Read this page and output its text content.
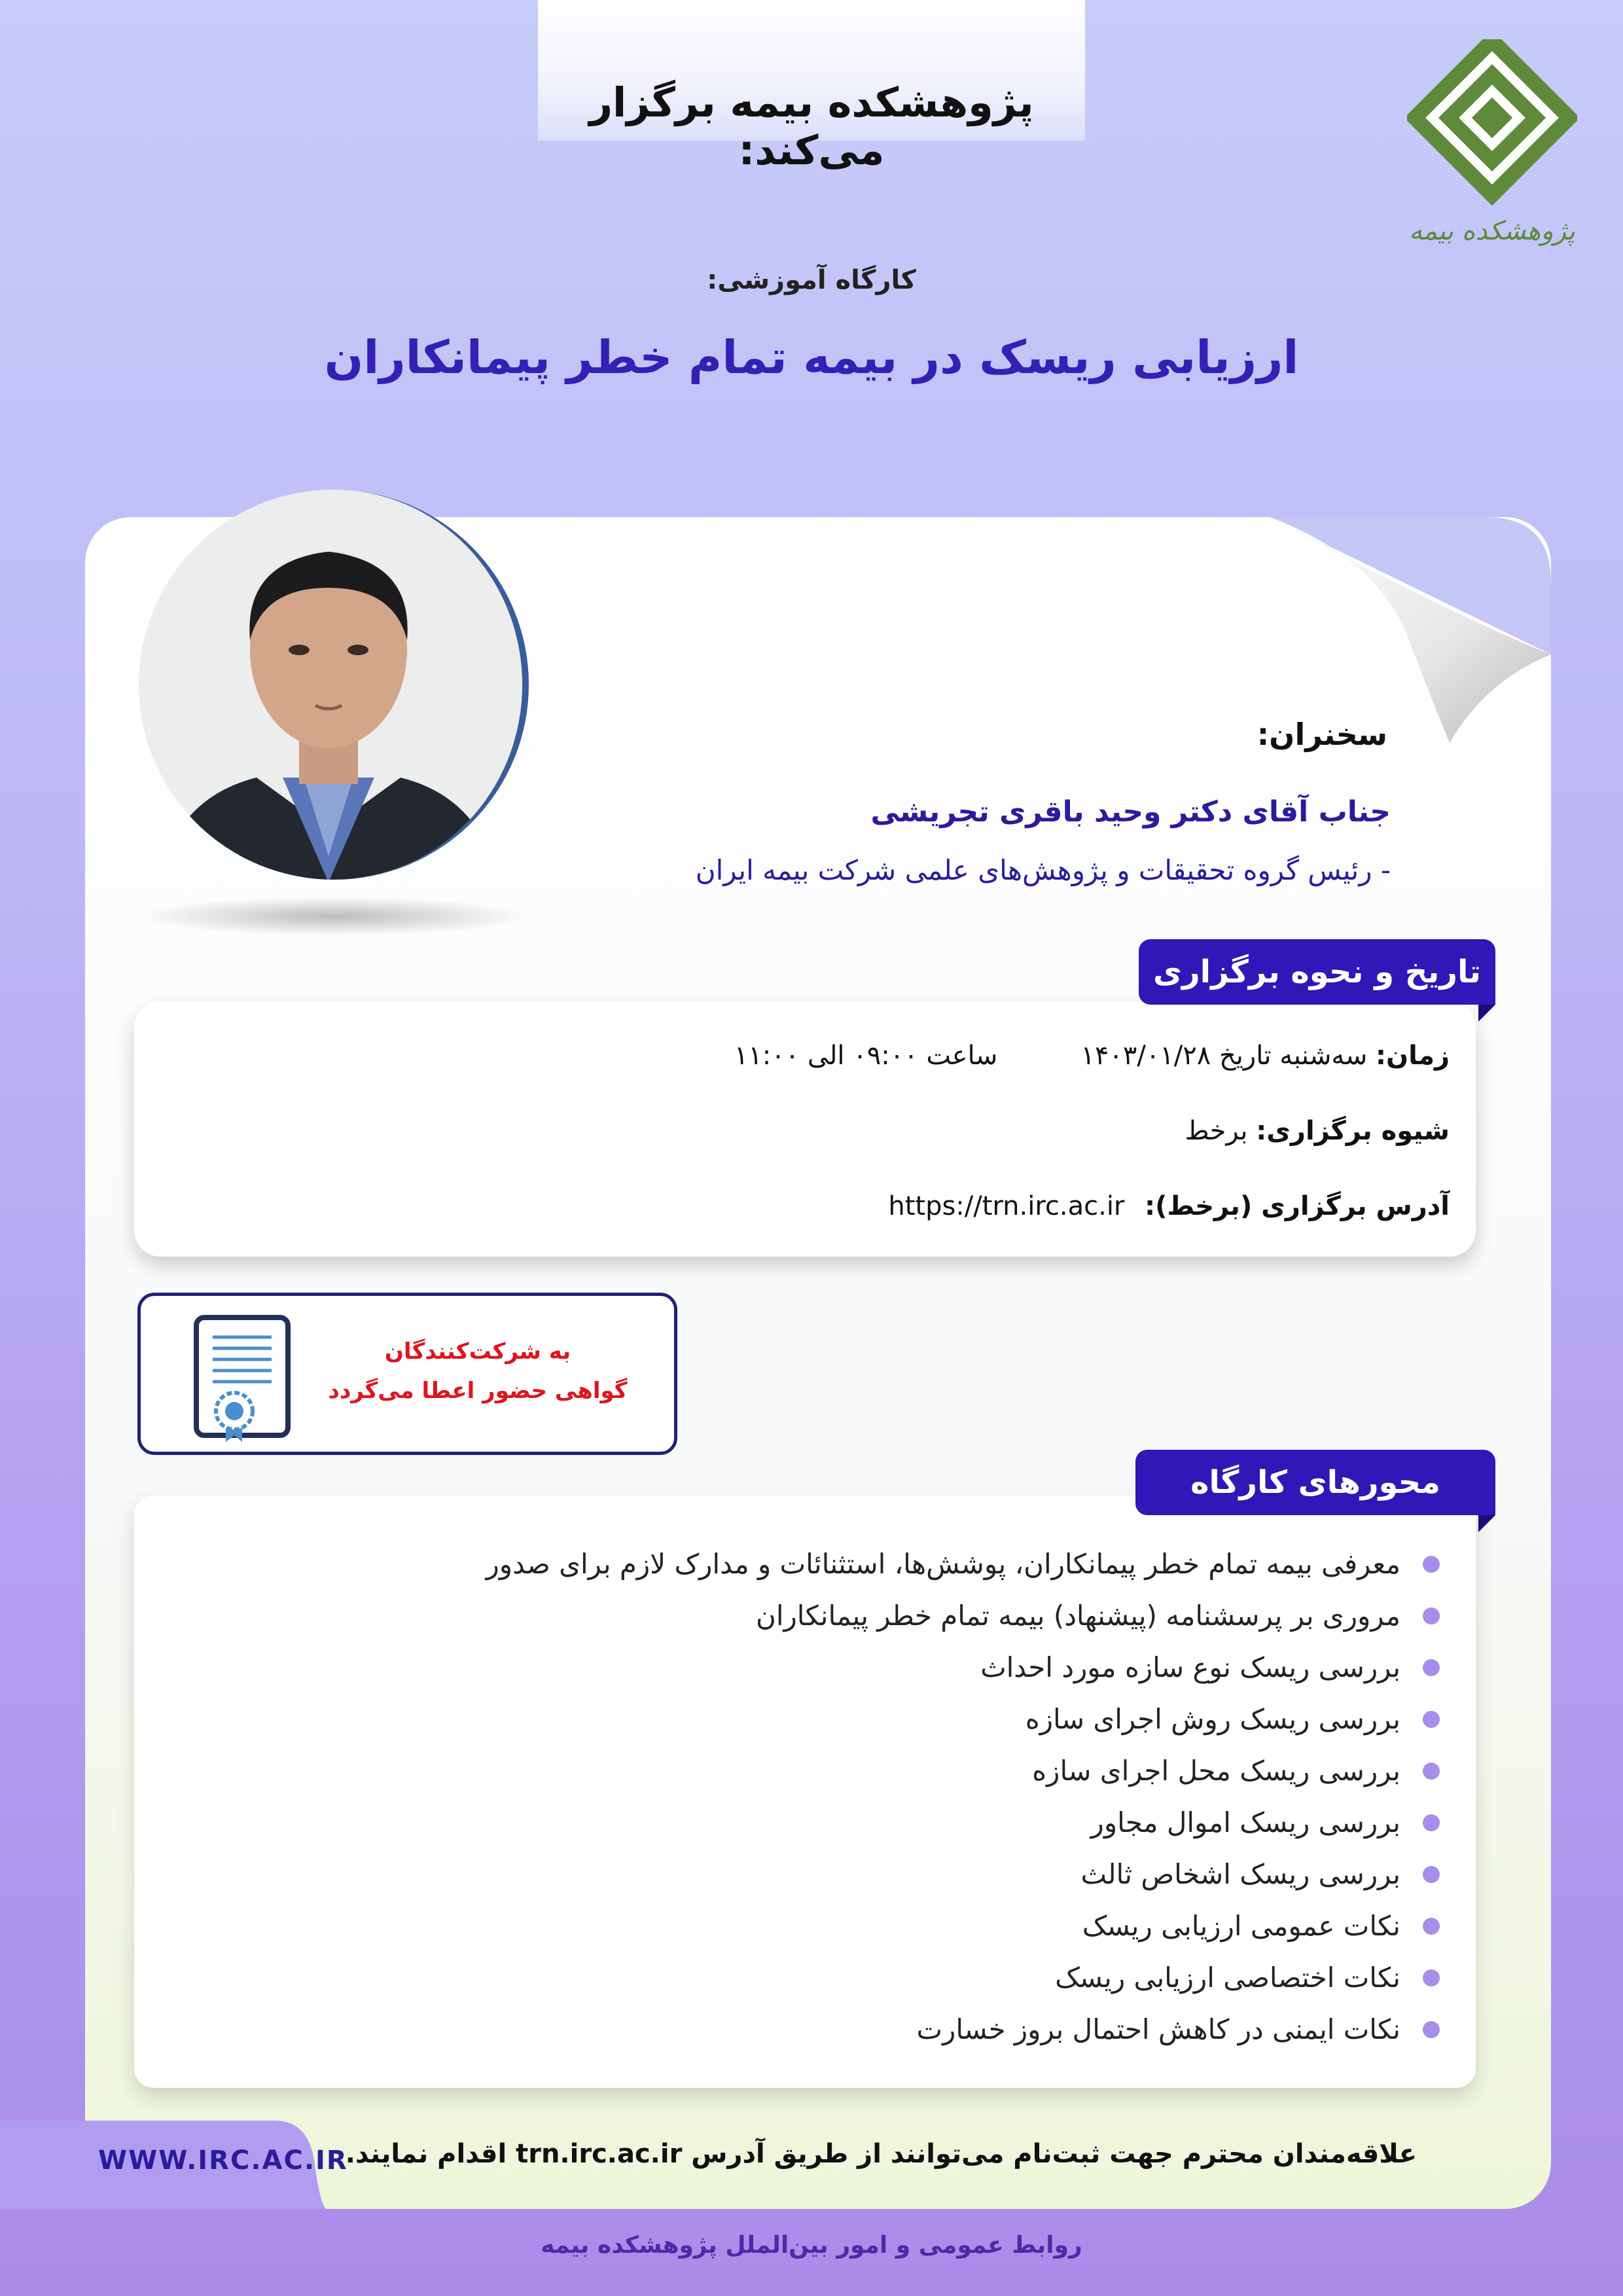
پژوهشکده بیمه برگزار می‌کند:
پژوهشکده بیمه
کارگاه آموزشی:
ارزیابی ریسک در بیمه تمام خطر پیمانکاران
سخنران:
جناب آقای دکتر وحید باقری تجریشی
- رئیس گروه تحقیقات و پژوهش‌های علمی شرکت بیمه ایران
زمان: سه‌شنبه تاریخ ۱۴۰۳/۰۱/۲۸          ساعت ۰۹:۰۰ الی ۱۱:۰۰
شیوه برگزاری: برخط
آدرس برگزاری (برخط): https://trn.irc.ac.ir
تاریخ و نحوه برگزاری
به شرکت‌کنندگان
گواهی حضور اعطا می‌گردد
معرفی بیمه تمام خطر پیمانکاران، پوشش‌ها، استثنائات و مدارک لازم برای صدور
مروری بر پرسشنامه (پیشنهاد) بیمه تمام خطر پیمانکاران
بررسی ریسک نوع سازه مورد احداث
بررسی ریسک روش اجرای سازه
بررسی ریسک محل اجرای سازه
بررسی ریسک اموال مجاور
بررسی ریسک اشخاص ثالث
نکات عمومی ارزیابی ریسک
نکات اختصاصی ارزیابی ریسک
نکات ایمنی در کاهش احتمال بروز خسارت
محورهای کارگاه
WWW.IRC.AC.IR
علاقه‌مندان محترم جهت ثبت‌نام می‌توانند از طریق آدرس trn.irc.ac.ir اقدام نمایند.
روابط عمومی و امور بین‌الملل پژوهشکده بیمه
